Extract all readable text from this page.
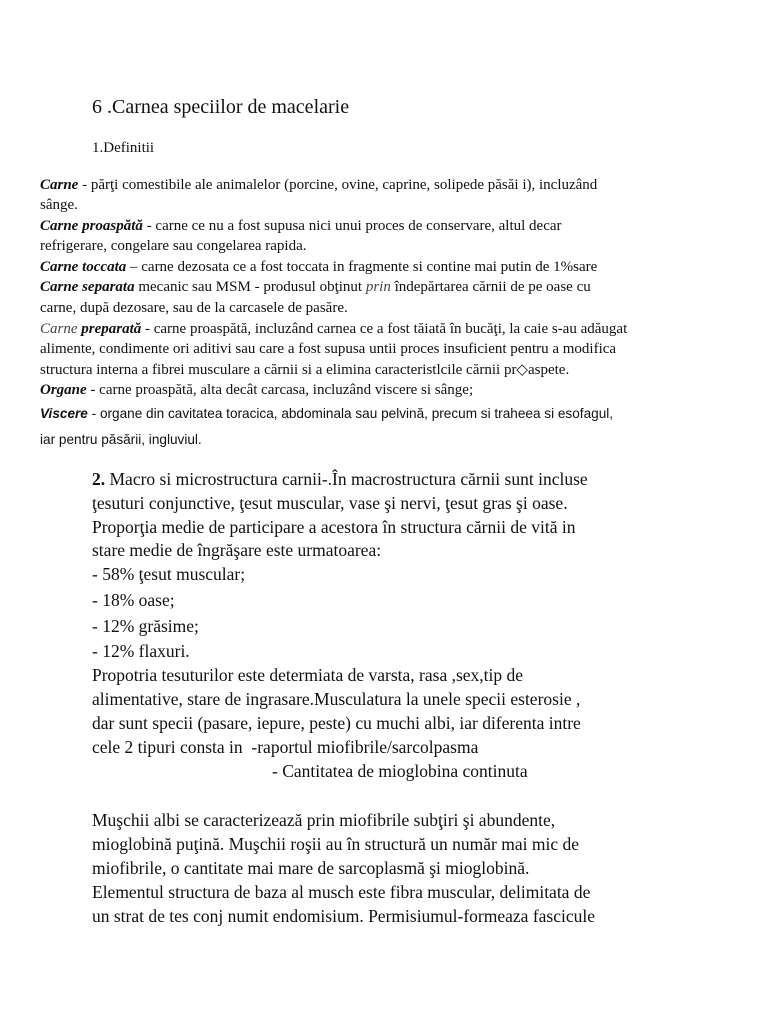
6 .Carnea speciilor de macelarie
1.Definitii
Carne - părţi comestibile ale animalelor (porcine, ovine, caprine, solipede păsăi i), incluzând
sânge.
Carne proaspătă - carne ce nu a fost supusa nici unui proces de conservare, altul decar
refrigerare, congelare sau congelarea rapida.
Carne toccata – carne dezosata ce a fost toccata in fragmente si contine mai putin de 1%sare
Carne separata mecanic sau MSM - produsul obţinut prin îndepărtarea cărnii de pe oase cu
carne, după dezosare, sau de la carcasele de pasăre.
Carne preparată - carne proaspătă, incluzând carnea ce a fost tăiată în bucăţi, la caie s-au adăugat
alimente, condimente ori aditivi sau care a fost supusa untii proces insuficient pentru a modifica
structura interna a fibrei musculare a cărnii si a elimina caracteristlcile cărnii pr◇aspete.
Organe - carne proaspătă, alta decât carcasa, incluzând viscere si sânge;
Viscere - organe din cavitatea toracica, abdominala sau pelvină, precum si traheea si esofagul,
iar pentru păsării, ingluviul.
2. Macro si microstructura carnii-.În macrostructura cărnii sunt incluse
ţesuturi conjunctive, ţesut muscular, vase şi nervi, ţesut gras şi oase.
Proporţia medie de participare a acestora în structura cărnii de vită in
stare medie de îngrăşare este urmatoarea:
- 58% ţesut muscular;
- 18% oase;
- 12% grăsime;
- 12% flaxuri.
Propotria tesuturilor este determiata de varsta, rasa ,sex,tip de
alimentative, stare de ingrasare.Musculatura la unele specii esterosie ,
dar sunt specii (pasare, iepure, peste) cu muchi albi, iar diferenta intre
cele 2 tipuri consta in  -raportul miofibrile/sarcolpasma
- Cantitatea de mioglobina continuta
Muşchii albi se caracterizează prin miofibrile subţiri şi abundente,
mioglobină puţină. Muşchii roşii au în structură un număr mai mic de
miofibrile, o cantitate mai mare de sarcoplasmă şi mioglobină.
Elementul structura de baza al musch este fibra muscular, delimitata de
un strat de tes conj numit endomisium. Permisiumul-formeaza fascicule
